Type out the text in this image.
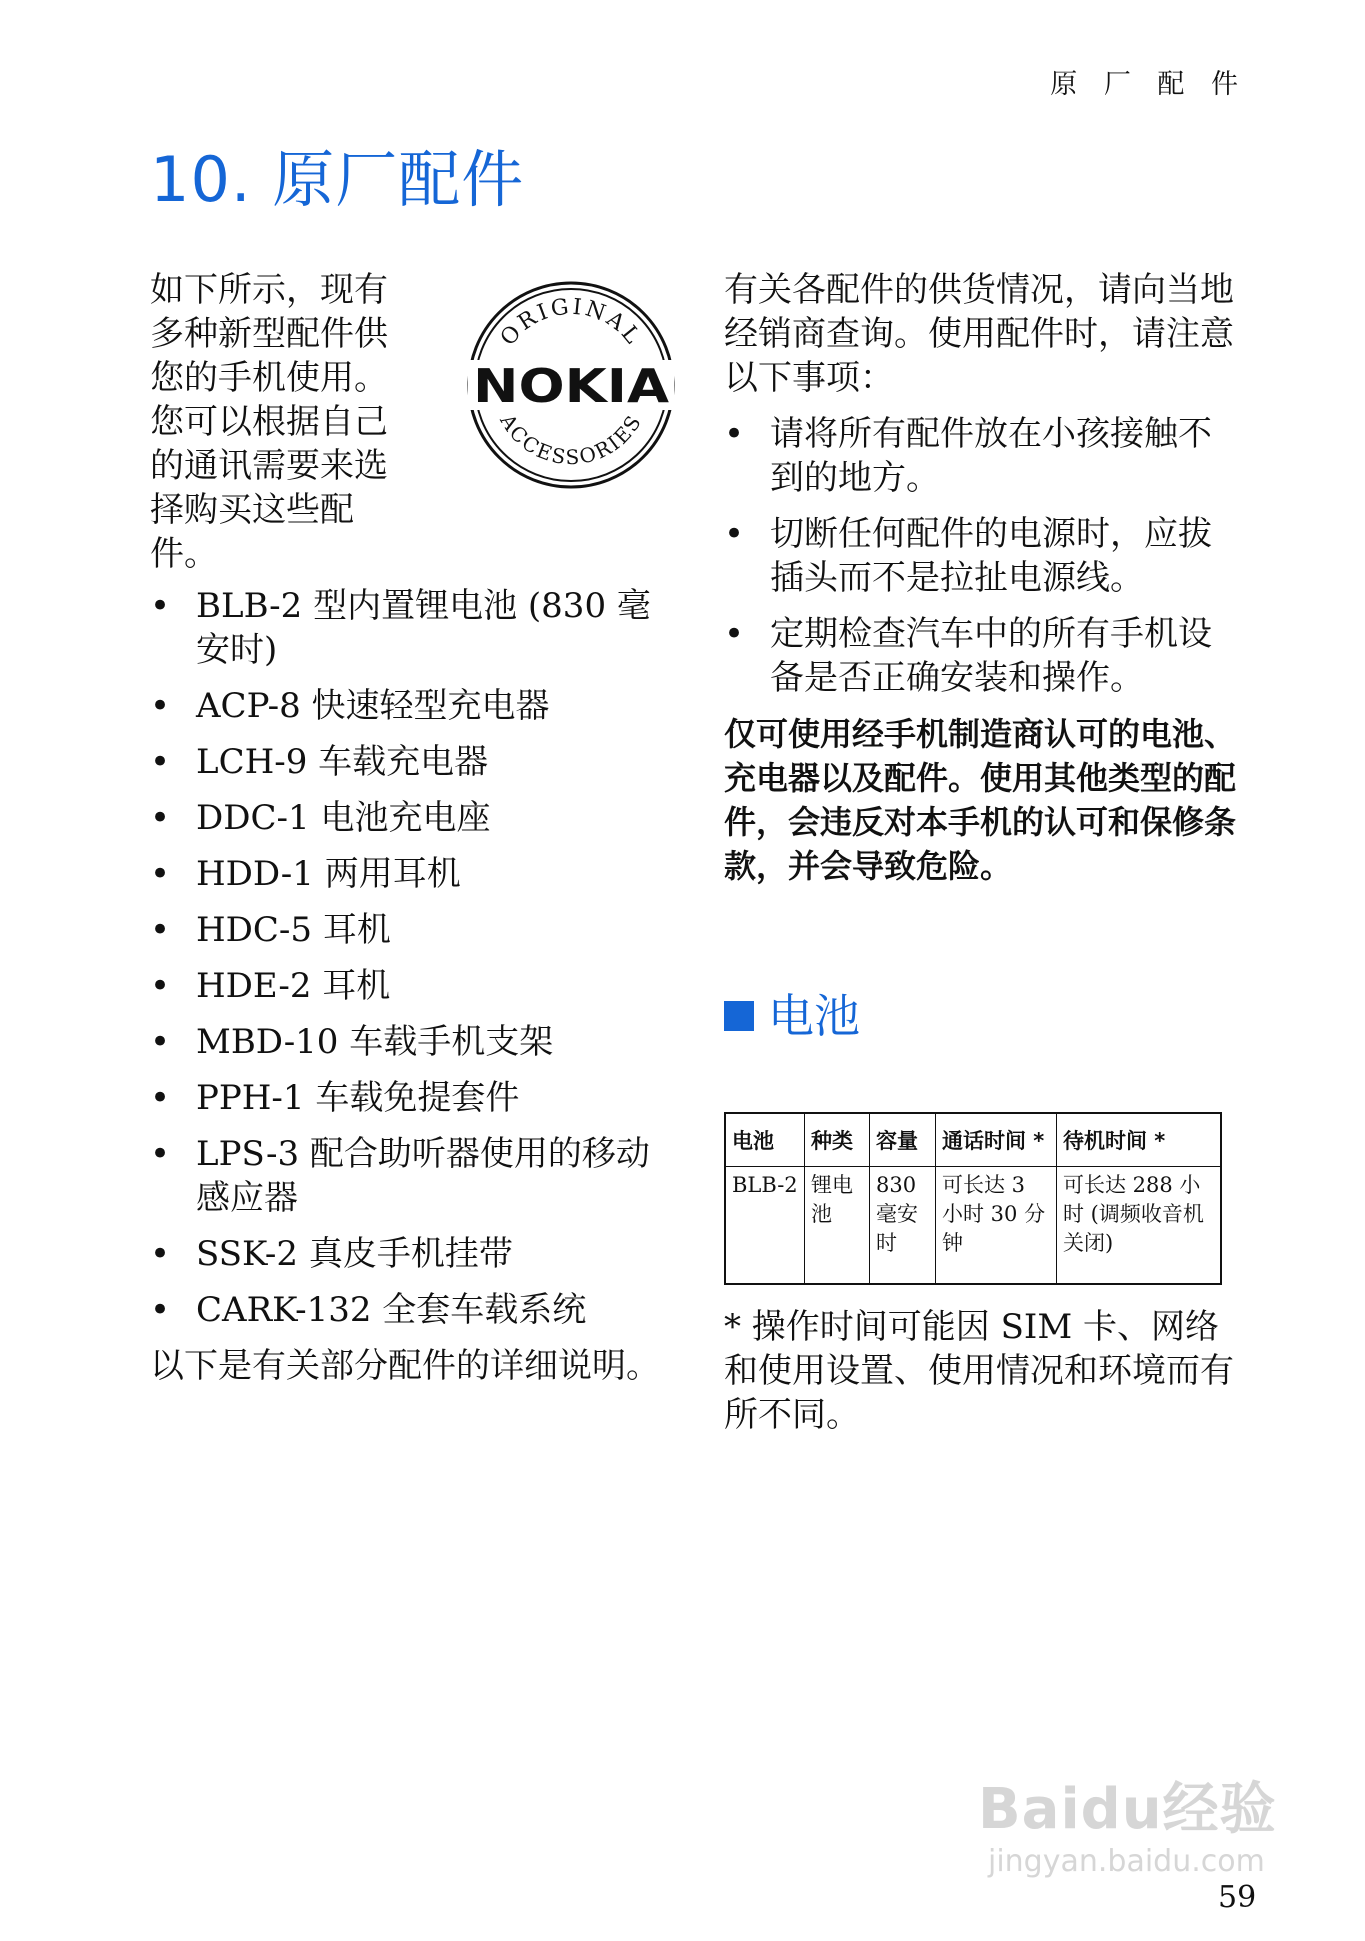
原 厂 配 件
10. 原厂配件
如下所示，现有多种新型配件供您的手机使用。您可以根据自己的通讯需要来选择购买这些配件。
ORIGINAL
NOKIA
ACCESSORIES
• BLB-2 型内置锂电池 (830 毫安时)
• ACP-8 快速轻型充电器
• LCH-9 车载充电器
• DDC-1 电池充电座
• HDD-1 两用耳机
• HDC-5 耳机
• HDE-2 耳机
• MBD-10 车载手机支架
• PPH-1 车载免提套件
• LPS-3 配合助听器使用的移动感应器
• SSK-2 真皮手机挂带
• CARK-132 全套车载系统
以下是有关部分配件的详细说明。
有关各配件的供货情况，请向当地经销商查询。使用配件时，请注意以下事项：
• 请将所有配件放在小孩接触不到的地方。
• 切断任何配件的电源时，应拔插头而不是拉扯电源线。
• 定期检查汽车中的所有手机设备是否正确安装和操作。
仅可使用经手机制造商认可的电池、充电器以及配件。使用其他类型的配件，会违反对本手机的认可和保修条款，并会导致危险。
电池
电池	种类	容量	通话时间 *	待机时间 *
BLB-2	锂电池	830 毫安时	可长达 3 小时 30 分钟	可长达 288 小时 (调频收音机关闭)
* 操作时间可能因 SIM 卡、网络和使用设置、使用情况和环境而有所不同。
Baidu经验
jingyan.baidu.com
59
